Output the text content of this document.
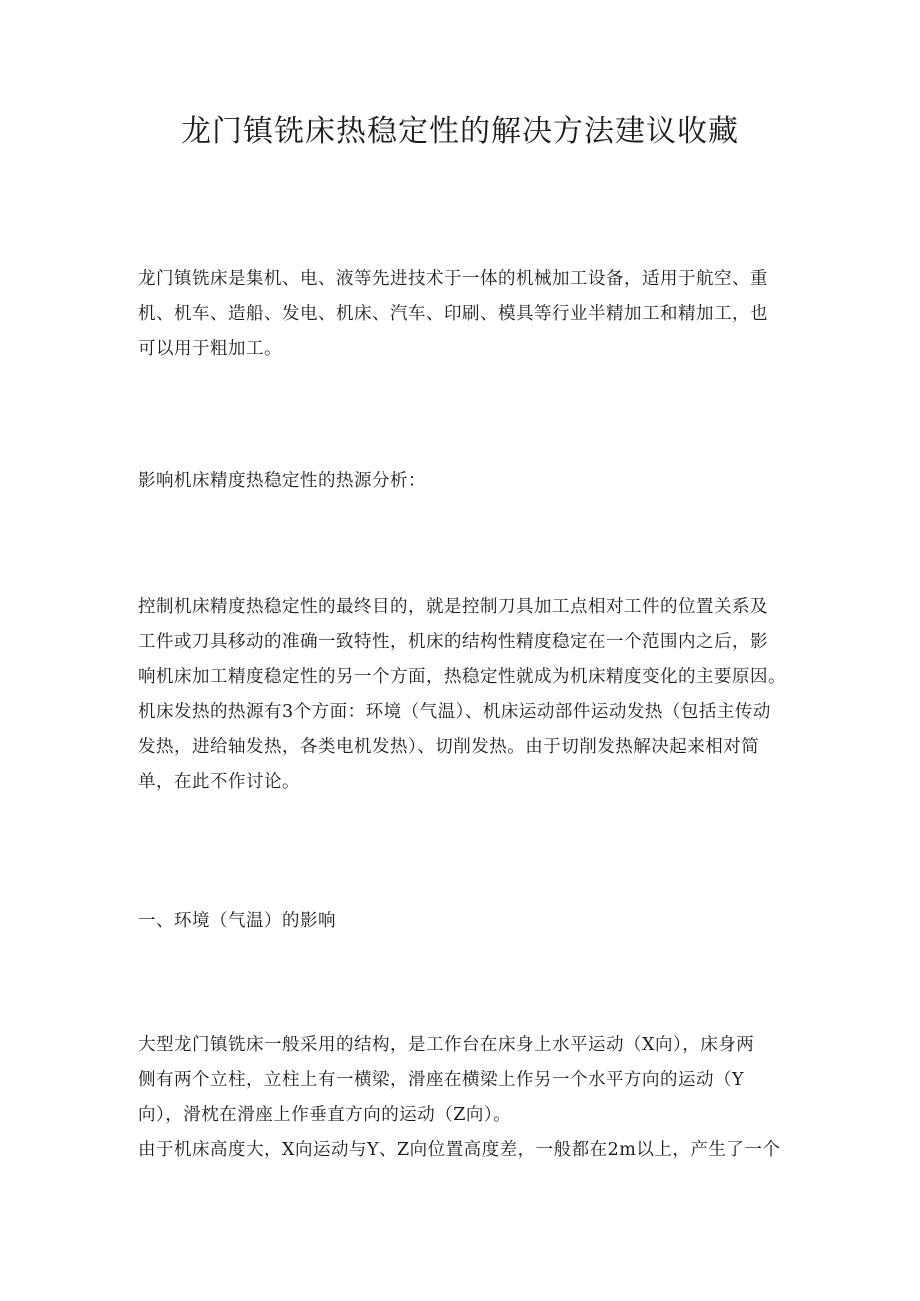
龙门镇铣床热稳定性的解决方法建议收藏
龙门镇铣床是集机、电、液等先进技术于一体的机械加工设备，适用于航空、重
机、机车、造船、发电、机床、汽车、印刷、模具等行业半精加工和精加工，也
可以用于粗加工。
影响机床精度热稳定性的热源分析：
控制机床精度热稳定性的最终目的，就是控制刀具加工点相对工件的位置关系及
工件或刀具移动的准确一致特性，机床的结构性精度稳定在一个范围内之后，影
响机床加工精度稳定性的另一个方面，热稳定性就成为机床精度变化的主要原因。
机床发热的热源有3个方面：环境（气温）、机床运动部件运动发热（包括主传动
发热，进给轴发热，各类电机发热）、切削发热。由于切削发热解决起来相对简
单，在此不作讨论。
一、环境（气温）的影响
大型龙门镇铣床一般采用的结构，是工作台在床身上水平运动（X向），床身两
侧有两个立柱，立柱上有一横梁，滑座在横梁上作另一个水平方向的运动（Y
向），滑枕在滑座上作垂直方向的运动（Z向）。
由于机床高度大，X向运动与Y、Z向位置高度差，一般都在2m以上，产生了一个
